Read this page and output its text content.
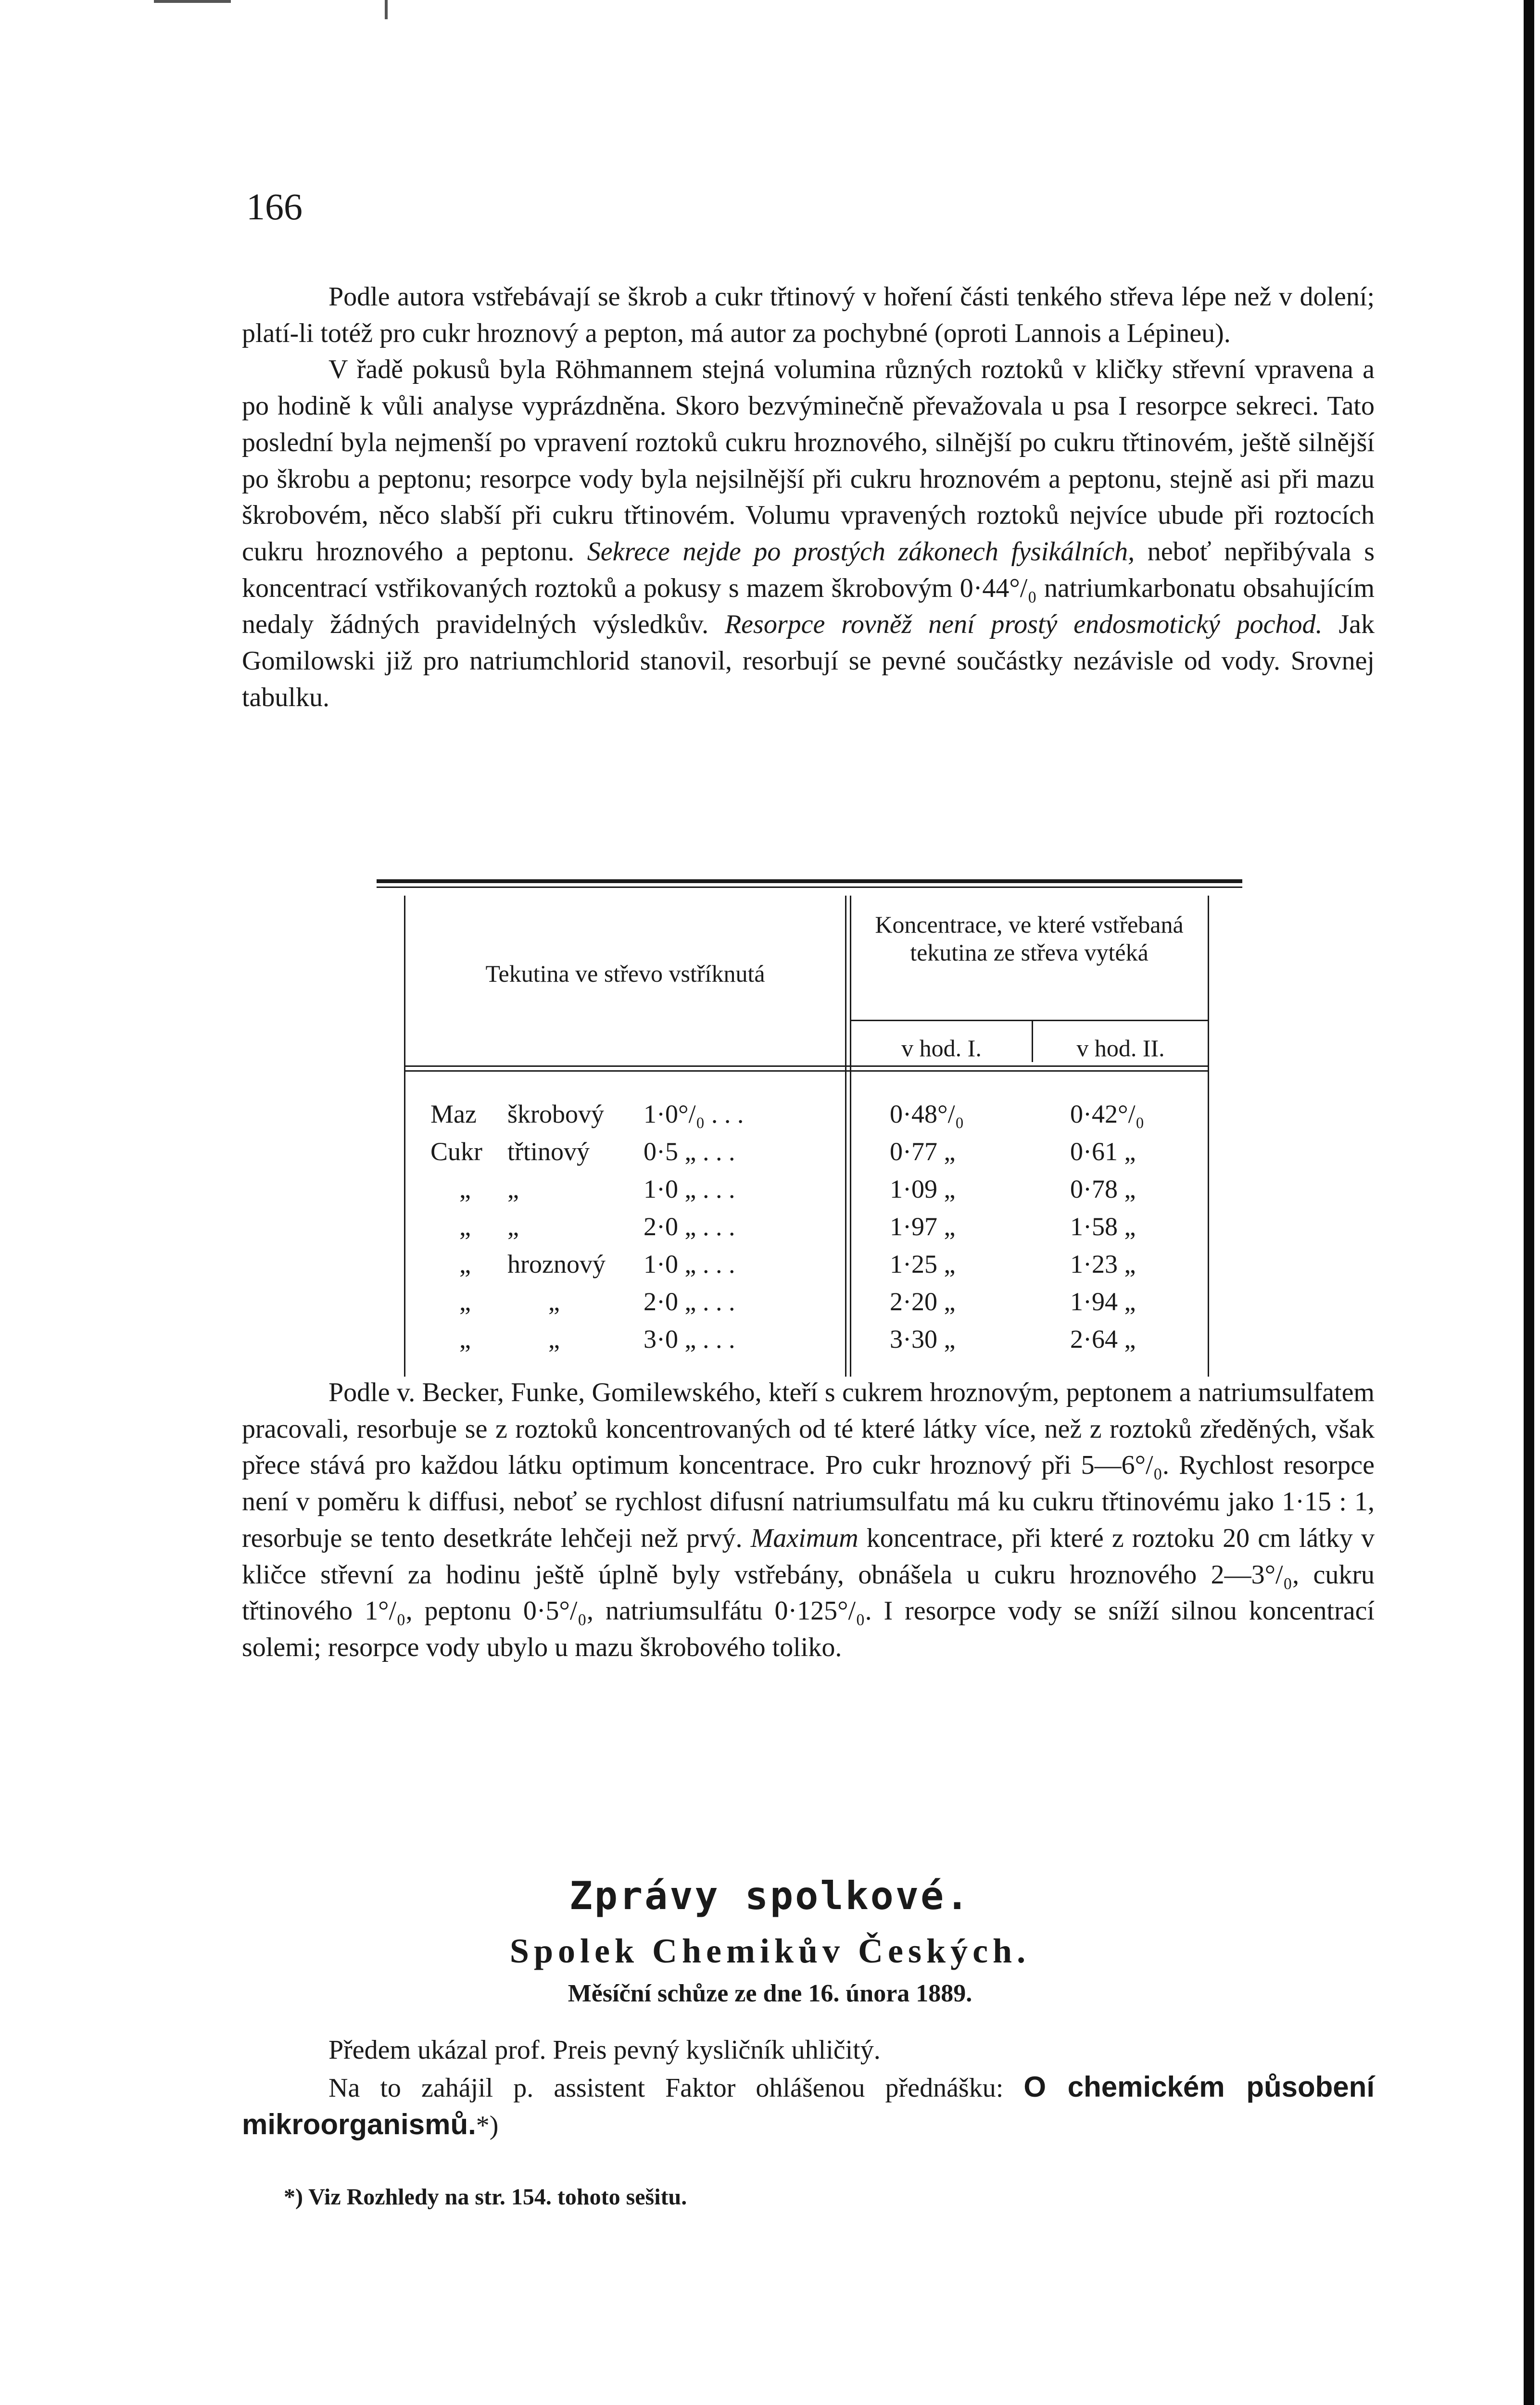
166

Podle autora vstřebávají se škrob a cukr třtinový v hoření části tenkého střeva lépe než v dolení; platí-li totéž pro cukr hroznový a pepton, má autor za pochybné (oproti Lannois a Lépineu).

V řadě pokusů byla Röhmannem stejná volumina různých roztoků v kličky střevní vpravena a po hodině k vůli analyse vyprázdněna. Skoro bezvýminečně převažovala u psa I resorpce sekreci. Tato poslední byla nejmenší po vpravení roztoků cukru hroznového, silnější po cukru třtinovém, ještě silnější po škrobu a peptonu; resorpce vody byla nejsilnější při cukru hroznovém a peptonu, stejně asi při mazu škrobovém, něco slabší při cukru třtinovém. Volumu vpravených roztoků nejvíce ubude při roztocích cukru hroznového a peptonu. Sekrece nejde po prostých zákonech fysikálních, neboť nepřibývala s koncentrací vstřikovaných roztoků a pokusy s mazem škrobovým 0·44°/₀ natriumkarbonatu obsahujícím nedaly žádných pravidelných výsledkův. Resorpce rovněž není prostý endosmotický pochod. Jak Gomilowski již pro natriumchlorid stanovil, resorbují se pevné součástky nezávisle od vody. Srovnej tabulku.

Tekutina ve střevo vstříknutá
Koncentrace, ve které vstřebaná tekutina ze střeva vytéká
v hod. I.	v hod. II.
Maz škrobový 1·0°/₀ . . .	0·48°/₀	0·42°/₀
Cukr třtinový 0·5 „ . . .	0·77 „	0·61 „
„ „	1·0 „ . . .	1·09 „	0·78 „
„ „	2·0 „ . . .	1·97 „	1·58 „
„ hroznový 1·0 „ . . .	1·25 „	1·23 „
„	„	2·0 „ . . .	2·20 „	1·94 „
„	„	3·0 „ . . .	3·30 „	2·64 „

Podle v. Becker, Funke, Gomilewského, kteří s cukrem hroznovým, peptonem a natriumsulfatem pracovali, resorbuje se z roztoků koncentrovaných od té které látky více, než z roztoků zředěných, však přece stává pro každou látku optimum koncentrace. Pro cukr hroznový při 5—6°/₀. Rychlost resorpce není v poměru k diffusi, neboť se rychlost difusní natriumsulfatu má ku cukru třtinovému jako 1·15 : 1, resorbuje se tento desetkráte lehčeji než prvý. Maximum koncentrace, při které z roztoku 20 cm látky v kličce střevní za hodinu ještě úplně byly vstřebány, obnášela u cukru hroznového 2—3°/₀, cukru třtinového 1°/₀, peptonu 0·5°/₀, natriumsulfátu 0·125°/₀. I resorpce vody se sníží silnou koncentrací solemi; resorpce vody ubylo u mazu škrobového toliko.

Zprávy spolkové.
Spolek Chemikův Českých.
Měsíční schůze ze dne 16. února 1889.

Předem ukázal prof. Preis pevný kysličník uhličitý.

Na to zahájil p. assistent Faktor ohlášenou přednášku: O chemickém působení mikroorganismů.*)

*) Viz Rozhledy na str. 154. tohoto sešitu.
